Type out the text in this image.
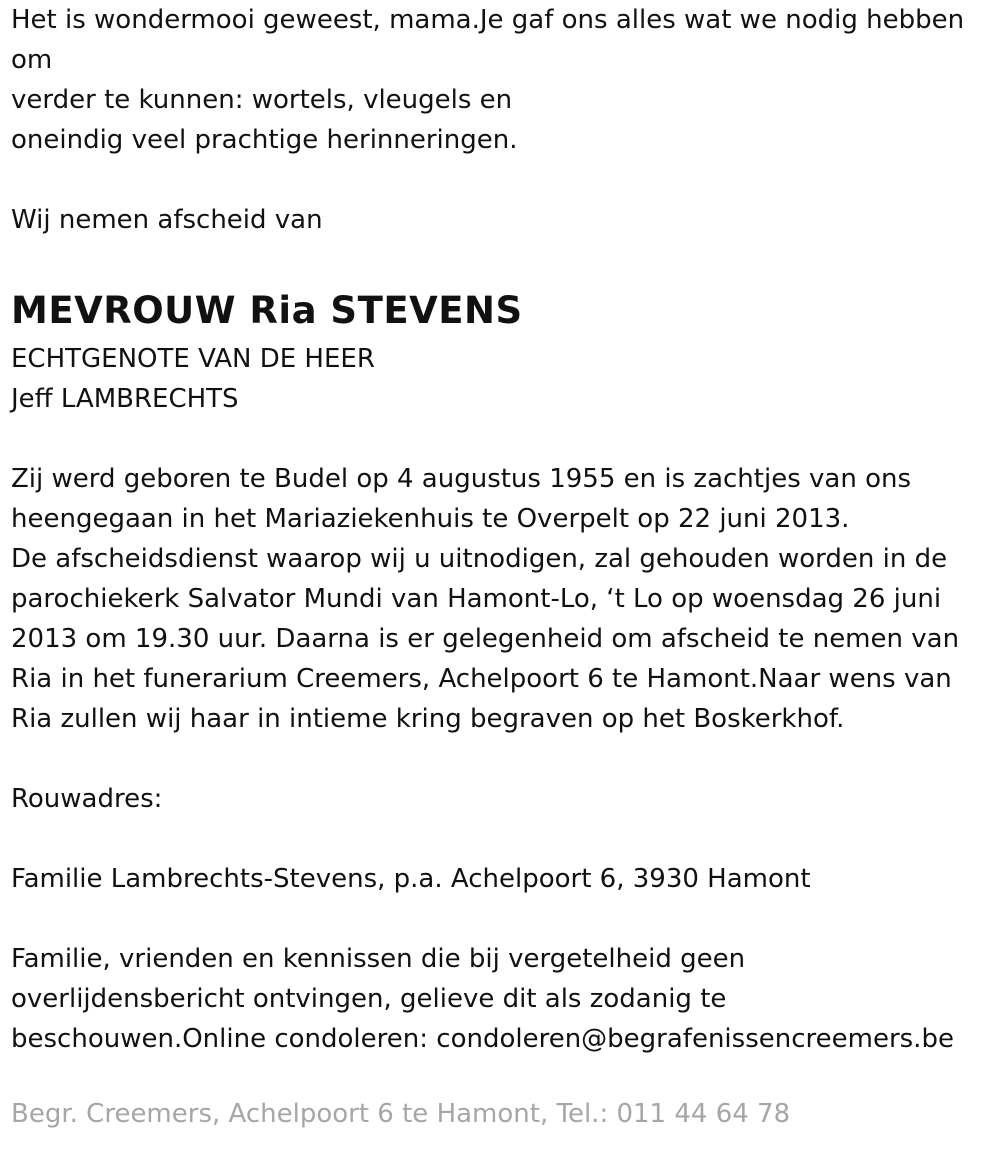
Het is wondermooi geweest, mama.Je gaf ons alles wat we nodig hebben
om
verder te kunnen: wortels, vleugels en
oneindig veel prachtige herinneringen.
Wij nemen afscheid van
MEVROUW Ria STEVENS
ECHTGENOTE VAN DE HEER
Jeff LAMBRECHTS
Zij werd geboren te Budel op 4 augustus 1955 en is zachtjes van ons
heengegaan in het Mariaziekenhuis te Overpelt op 22 juni 2013.
De afscheidsdienst waarop wij u uitnodigen, zal gehouden worden in de
parochiekerk Salvator Mundi van Hamont-Lo, ‘t Lo op woensdag 26 juni
2013 om 19.30 uur. Daarna is er gelegenheid om afscheid te nemen van
Ria in het funerarium Creemers, Achelpoort 6 te Hamont.Naar wens van
Ria zullen wij haar in intieme kring begraven op het Boskerkhof.
Rouwadres:
Familie Lambrechts-Stevens, p.a. Achelpoort 6, 3930 Hamont
Familie, vrienden en kennissen die bij vergetelheid geen
overlijdensbericht ontvingen, gelieve dit als zodanig te
beschouwen.Online condoleren: condoleren@begrafenissencreemers.be
Begr. Creemers, Achelpoort 6 te Hamont, Tel.: 011 44 64 78
